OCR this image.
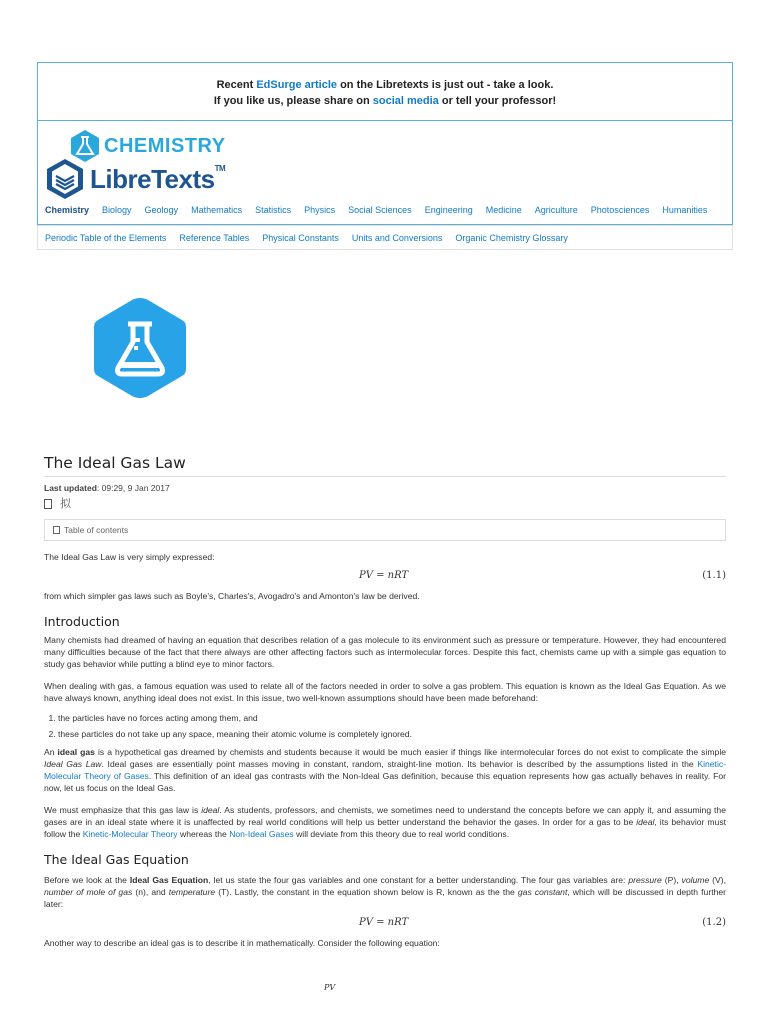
Recent EdSurge article on the Libretexts is just out - take a look.
If you like us, please share on social media or tell your professor!
CHEMISTRY
LibreTexts™
Chemistry Biology Geology Mathematics Statistics Physics Social Sciences Engineering Medicine Agriculture Photosciences Humanities
Periodic Table of the Elements Reference Tables Physical Constants Units and Conversions Organic Chemistry Glossary
The Ideal Gas Law
Last updated: 09:29, 9 Jan 2017
拟
Table of contents

The Ideal Gas Law is very simply expressed:

PV = nRT	(1.1)

from which simpler gas laws such as Boyle's, Charles's, Avogadro's and Amonton's law be derived.

Introduction

Many chemists had dreamed of having an equation that describes relation of a gas molecule to its environment such as pressure or temperature. However, they had encountered many difficulties because of the fact that there always are other affecting factors such as intermolecular forces. Despite this fact, chemists came up with a simple gas equation to study gas behavior while putting a blind eye to minor factors.

When dealing with gas, a famous equation was used to relate all of the factors needed in order to solve a gas problem. This equation is known as the Ideal Gas Equation. As we have always known, anything ideal does not exist. In this issue, two well-known assumptions should have been made beforehand:

1. the particles have no forces acting among them, and
2. these particles do not take up any space, meaning their atomic volume is completely ignored.

An ideal gas is a hypothetical gas dreamed by chemists and students because it would be much easier if things like intermolecular forces do not exist to complicate the simple Ideal Gas Law. Ideal gases are essentially point masses moving in constant, random, straight-line motion. Its behavior is described by the assumptions listed in the Kinetic-Molecular Theory of Gases. This definition of an ideal gas contrasts with the Non-Ideal Gas definition, because this equation represents how gas actually behaves in reality. For now, let us focus on the Ideal Gas.

We must emphasize that this gas law is ideal. As students, professors, and chemists, we sometimes need to understand the concepts before we can apply it, and assuming the gases are in an ideal state where it is unaffected by real world conditions will help us better understand the behavior the gases. In order for a gas to be ideal, its behavior must follow the Kinetic-Molecular Theory whereas the Non-Ideal Gases will deviate from this theory due to real world conditions.

The Ideal Gas Equation

Before we look at the Ideal Gas Equation, let us state the four gas variables and one constant for a better understanding. The four gas variables are: pressure (P), volume (V), number of mole of gas (n), and temperature (T). Lastly, the constant in the equation shown below is R, known as the the gas constant, which will be discussed in depth further later:

PV = nRT	(1.2)

Another way to describe an ideal gas is to describe it in mathematically. Consider the following equation:

PV
